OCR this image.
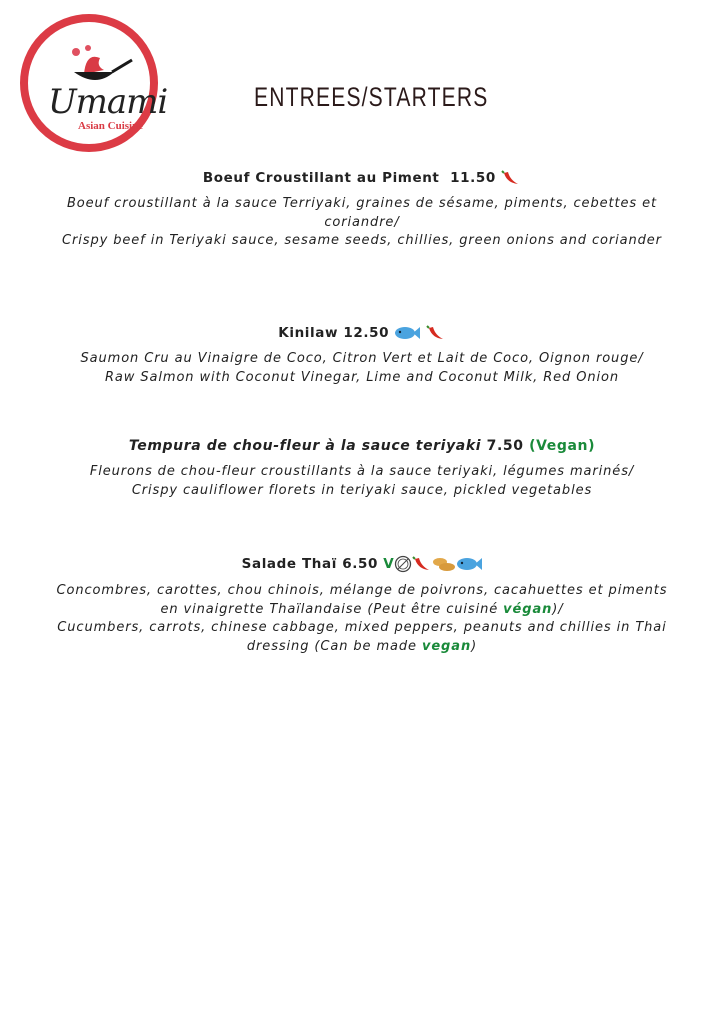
Umami
Asian Cuisine
ENTREES/STARTERS
Boeuf Croustillant au Piment 11.50
Boeuf croustillant à la sauce Terriyaki, graines de sésame, piments, cebettes et coriandre/
Crispy beef in Teriyaki sauce, sesame seeds, chillies, green onions and coriander
Kinilaw 12.50
Saumon Cru au Vinaigre de Coco, Citron Vert et Lait de Coco, Oignon rouge/
Raw Salmon with Coconut Vinegar, Lime and Coconut Milk, Red Onion
Tempura de chou-fleur à la sauce teriyaki 7.50 (Vegan)
Fleurons de chou-fleur croustillants à la sauce teriyaki, légumes marinés/
Crispy cauliflower florets in teriyaki sauce, pickled vegetables
Salade Thaï 6.50 V
Concombres, carottes, chou chinois, mélange de poivrons, cacahuettes et piments
en vinaigrette Thaïlandaise (Peut être cuisiné végan)/
Cucumbers, carrots, chinese cabbage, mixed peppers, peanuts and chillies in Thai
dressing (Can be made vegan)
